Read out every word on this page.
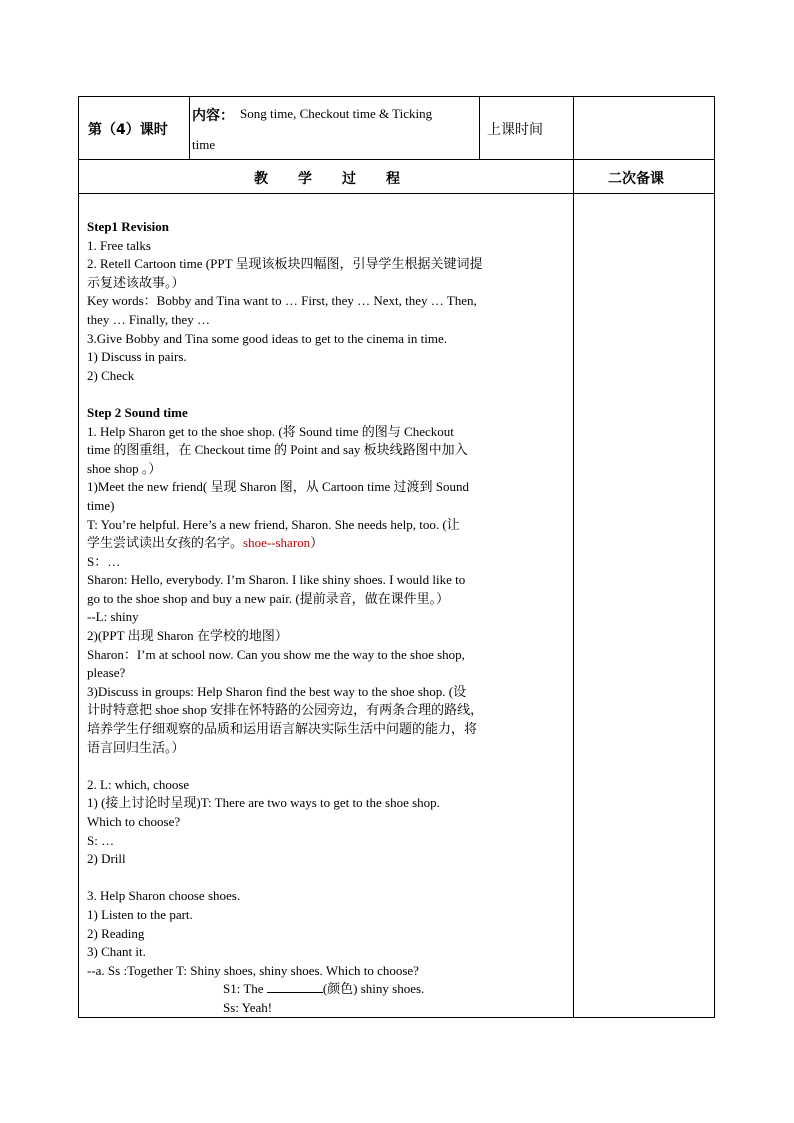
第（4）课时
内容： Song time, Checkout time & Ticking
time
上课时间
教　学　过　程	二次备课
Step1 Revision
1. Free talks
2. Retell Cartoon time (PPT 呈现该板块四幅图，引导学生根据关键词提
示复述该故事。）
Key words：Bobby and Tina want to … First, they … Next, they … Then,
they … Finally, they …
3.Give Bobby and Tina some good ideas to get to the cinema in time.
1) Discuss in pairs.
2) Check
Step 2 Sound time
1. Help Sharon get to the shoe shop. (将 Sound time 的图与 Checkout
time 的图重组，在 Checkout time 的 Point and say 板块线路图中加入
shoe shop 。）
1)Meet the new friend( 呈现 Sharon 图，从 Cartoon time 过渡到 Sound
time)
T: You’re helpful. Here’s a new friend, Sharon. She needs help, too. (让
学生尝试读出女孩的名字。shoe--sharon）
S：…
Sharon: Hello, everybody. I’m Sharon. I like shiny shoes. I would like to
go to the shoe shop and buy a new pair. (提前录音，做在课件里。）
--L: shiny
2)(PPT 出现 Sharon 在学校的地图）
Sharon：I’m at school now. Can you show me the way to the shoe shop,
please?
3)Discuss in groups: Help Sharon find the best way to the shoe shop. (设
计时特意把 shoe shop 安排在怀特路的公园旁边，有两条合理的路线，
培养学生仔细观察的品质和运用语言解决实际生活中问题的能力，将
语言回归生活。）
2. L: which, choose
1) (接上讨论时呈现)T: There are two ways to get to the shoe shop.
Which to choose?
S: …
2) Drill
3. Help Sharon choose shoes.
1) Listen to the part.
2) Reading
3) Chant it.
--a. Ss :Together T: Shiny shoes, shiny shoes. Which to choose?
S1: The	(颜色) shiny shoes.
Ss: Yeah!
